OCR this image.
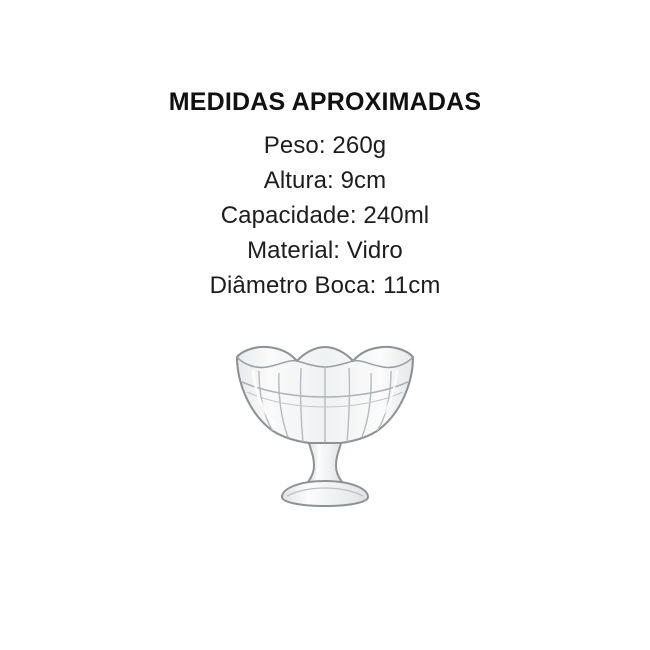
MEDIDAS APROXIMADAS
Peso: 260g
Altura: 9cm
Capacidade: 240ml
Material: Vidro
Diâmetro Boca: 11cm
